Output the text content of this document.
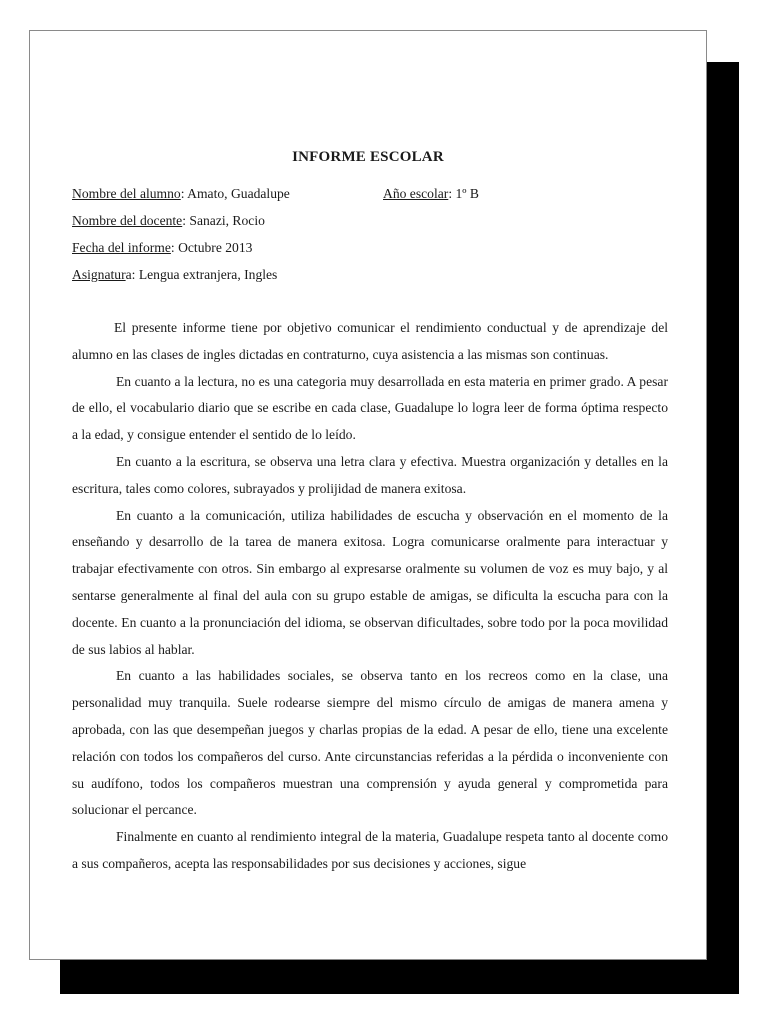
INFORME ESCOLAR
Nombre del alumno: Amato, Guadalupe	Año escolar: 1º B
Nombre del docente: Sanazi, Rocio
Fecha del informe: Octubre 2013
Asignatura: Lengua extranjera, Ingles

El presente informe tiene por objetivo comunicar el rendimiento conductual y de aprendizaje del alumno en las clases de ingles dictadas en contraturno, cuya asistencia a las mismas son continuas.

En cuanto a la lectura, no es una categoria muy desarrollada en esta materia en primer grado. A pesar de ello, el vocabulario diario que se escribe en cada clase, Guadalupe lo logra leer de forma óptima respecto a la edad, y consigue entender el sentido de lo leído.

En cuanto a la escritura, se observa una letra clara y efectiva. Muestra organización y detalles en la escritura, tales como colores, subrayados y prolijidad de manera exitosa.

En cuanto a la comunicación, utiliza habilidades de escucha y observación en el momento de la enseñando y desarrollo de la tarea de manera exitosa. Logra comunicarse oralmente para interactuar y trabajar efectivamente con otros. Sin embargo al expresarse oralmente su volumen de voz es muy bajo, y al sentarse generalmente al final del aula con su grupo estable de amigas, se dificulta la escucha para con la docente. En cuanto a la pronunciación del idioma, se observan dificultades, sobre todo por la poca movilidad de sus labios al hablar.

En cuanto a las habilidades sociales, se observa tanto en los recreos como en la clase, una personalidad muy tranquila. Suele rodearse siempre del mismo círculo de amigas de manera amena y aprobada, con las que desempeñan juegos y charlas propias de la edad. A pesar de ello, tiene una excelente relación con todos los compañeros del curso. Ante circunstancias referidas a la pérdida o inconveniente con su audífono, todos los compañeros muestran una comprensión y ayuda general y comprometida para solucionar el percance.

Finalmente en cuanto al rendimiento integral de la materia, Guadalupe respeta tanto al docente como a sus compañeros, acepta las responsabilidades por sus decisiones y acciones, sigue
